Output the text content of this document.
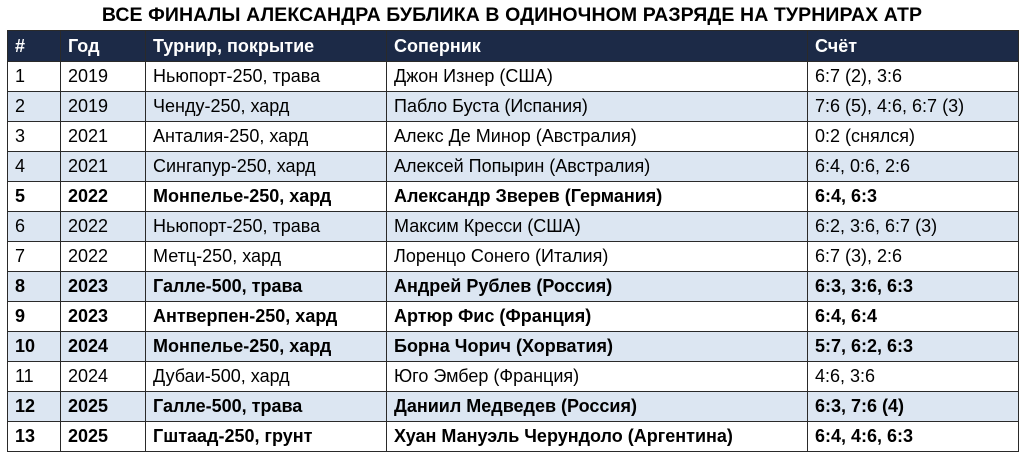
ВСЕ ФИНАЛЫ АЛЕКСАНДРА БУБЛИКА В ОДИНОЧНОМ РАЗРЯДЕ НА ТУРНИРАХ АТР
#	Год	Турнир, покрытие	Соперник	Счёт
1	2019	Ньюпорт-250, трава	Джон Изнер (США)	6:7 (2), 3:6
2	2019	Ченду-250, хард	Пабло Буста (Испания)	7:6 (5), 4:6, 6:7 (3)
3	2021	Анталия-250, хард	Алекс Де Минор (Австралия)	0:2 (снялся)
4	2021	Сингапур-250, хард	Алексей Попырин (Австралия)	6:4, 0:6, 2:6
5	2022	Монпелье-250, хард	Александр Зверев (Германия)	6:4, 6:3
6	2022	Ньюпорт-250, трава	Максим Кресси (США)	6:2, 3:6, 6:7 (3)
7	2022	Метц-250, хард	Лоренцо Сонего (Италия)	6:7 (3), 2:6
8	2023	Галле-500, трава	Андрей Рублев (Россия)	6:3, 3:6, 6:3
9	2023	Антверпен-250, хард	Артюр Фис (Франция)	6:4, 6:4
10	2024	Монпелье-250, хард	Борна Чорич (Хорватия)	5:7, 6:2, 6:3
11	2024	Дубаи-500, хард	Юго Эмбер (Франция)	4:6, 3:6
12	2025	Галле-500, трава	Даниил Медведев (Россия)	6:3, 7:6 (4)
13	2025	Гштаад-250, грунт	Хуан Мануэль Черундоло (Аргентина)	6:4, 4:6, 6:3
